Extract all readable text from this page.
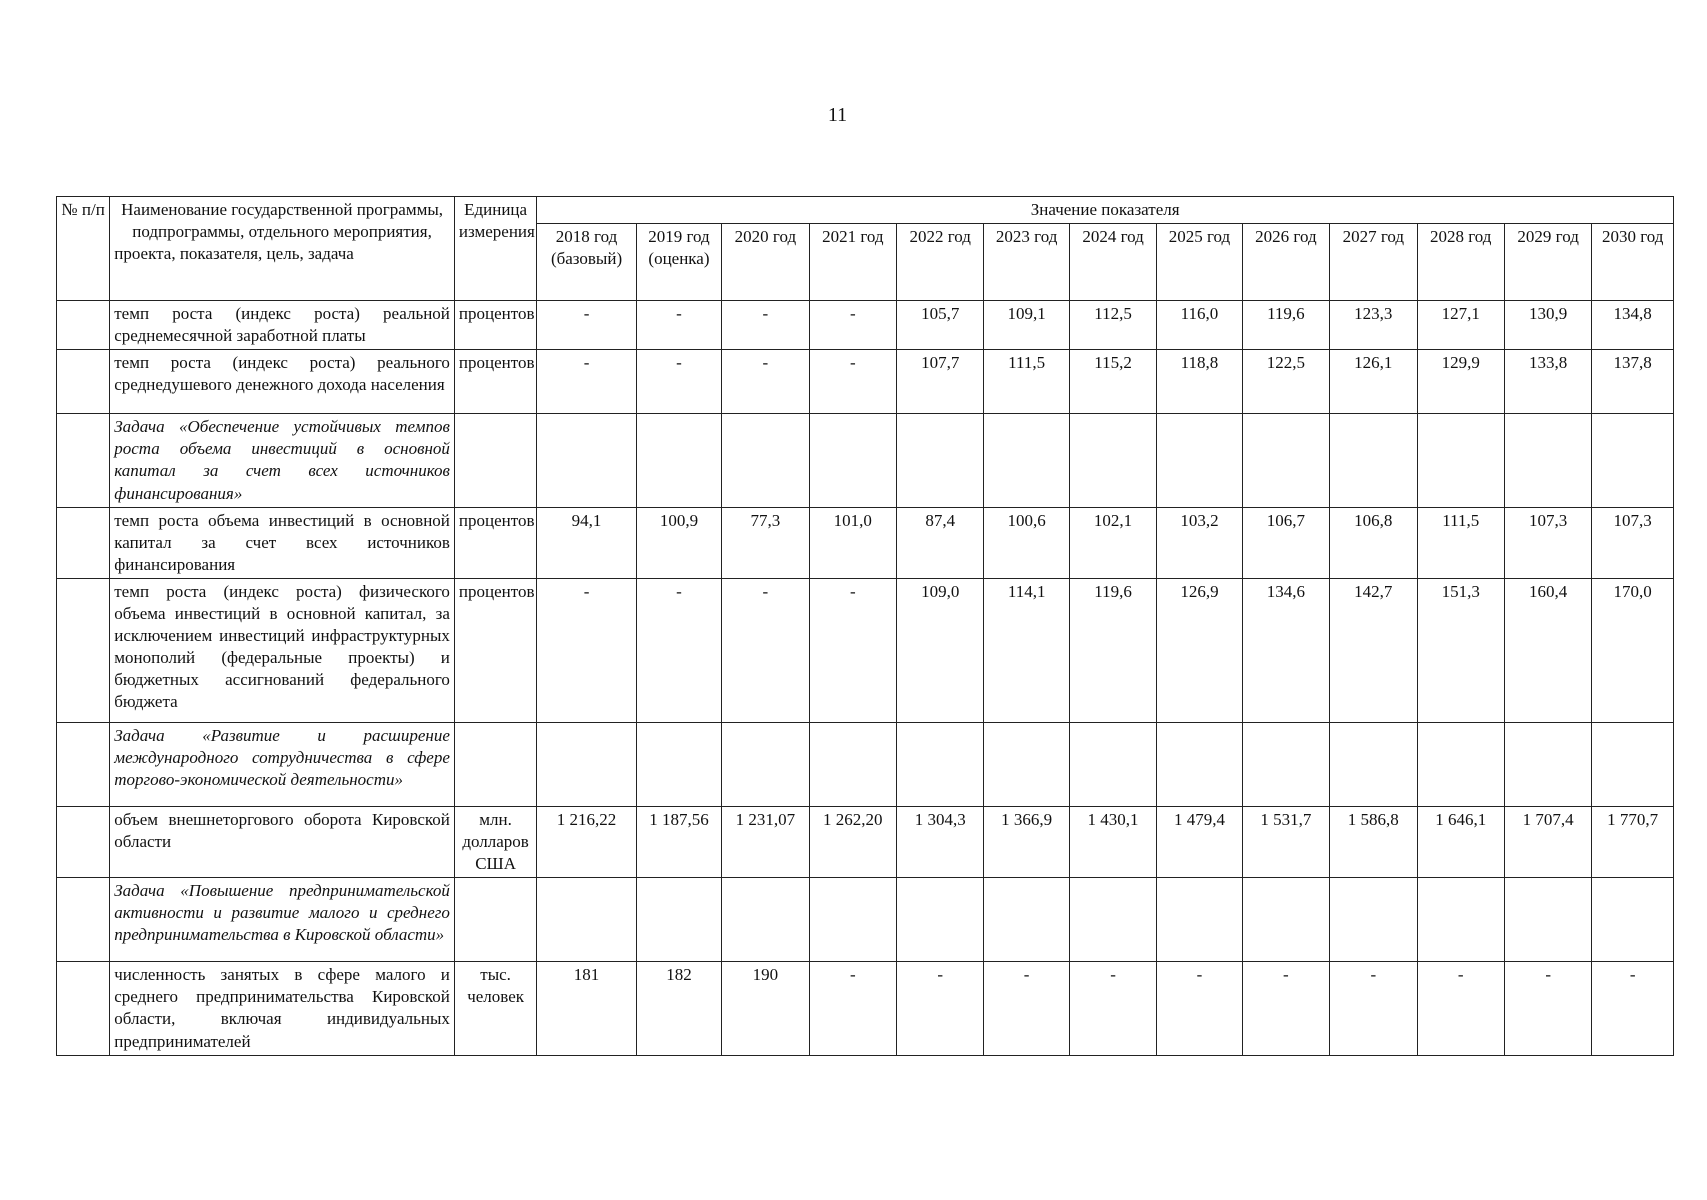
11
№ п/п	Наименование государственной программы, подпрограммы, отдельного мероприятия, проекта, показателя, цель, задача	Единица измерения	Значение показателя												
			2018 год (базовый)	2019 год (оценка)	2020 год	2021 год	2022 год	2023 год	2024 год	2025 год	2026 год	2027 год	2028 год	2029 год	2030 год
	темп роста (индекс роста) реальной среднемесячной заработной платы	процентов	-	-	-	-	105,7	109,1	112,5	116,0	119,6	123,3	127,1	130,9	134,8
	темп роста (индекс роста) реального среднедушевого денежного дохода населения	процентов	-	-	-	-	107,7	111,5	115,2	118,8	122,5	126,1	129,9	133,8	137,8
	Задача «Обеспечение устойчивых темпов роста объема инвестиций в основной капитал за счет всех источников финансирования»														
	темп роста объема инвестиций в основной капитал за счет всех источников финансирования	процентов	94,1	100,9	77,3	101,0	87,4	100,6	102,1	103,2	106,7	106,8	111,5	107,3	107,3
	темп роста (индекс роста) физического объема инвестиций в основной капитал, за исключением инвестиций инфраструктурных монополий (федеральные проекты) и бюджетных ассигнований федерального бюджета	процентов	-	-	-	-	109,0	114,1	119,6	126,9	134,6	142,7	151,3	160,4	170,0
	Задача «Развитие и расширение международного сотрудничества в сфере торгово-экономической деятельности»														
	объем внешнеторгового оборота Кировской области	млн. долларов США	1 216,22	1 187,56	1 231,07	1 262,20	1 304,3	1 366,9	1 430,1	1 479,4	1 531,7	1 586,8	1 646,1	1 707,4	1 770,7
	Задача «Повышение предпринимательской активности и развитие малого и среднего предпринимательства в Кировской области»														
	численность занятых в сфере малого и среднего предпринимательства Кировской области, включая индивидуальных предпринимателей	тыс. человек	181	182	190	-	-	-	-	-	-	-	-	-	-
